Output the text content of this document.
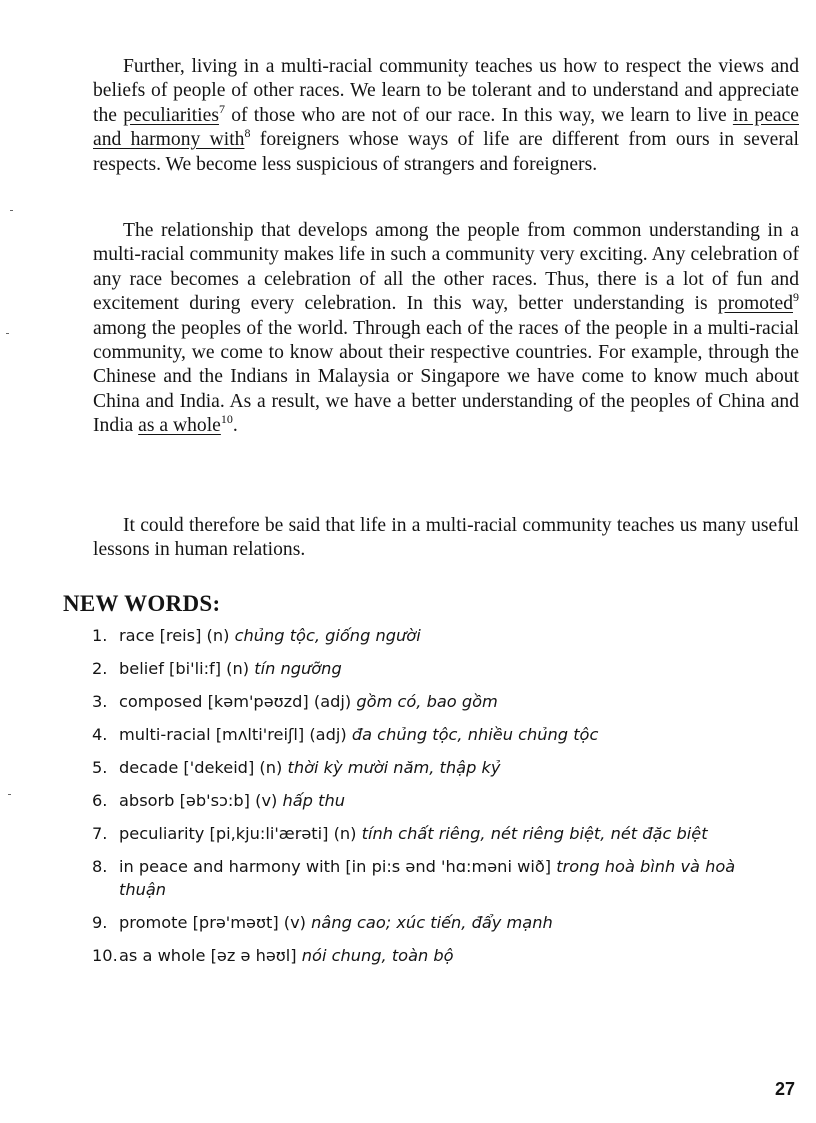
Further, living in a multi-racial community teaches us how to respect the views and beliefs of people of other races. We learn to be tolerant and to understand and appreciate the peculiarities$^7$ of those who are not of our race. In this way, we learn to live in peace and harmony with$^8$ foreigners whose ways of life are different from ours in several respects. We become less suspicious of strangers and foreigners.

The relationship that develops among the people from common understanding in a multi-racial community makes life in such a community very exciting. Any celebration of any race becomes a celebration of all the other races. Thus, there is a lot of fun and excitement during every celebration. In this way, better understanding is promoted$^9$ among the peoples of the world. Through each of the races of the people in a multi-racial community, we come to know about their respective countries. For example, through the Chinese and the Indians in Malaysia or Singapore we have come to know much about China and India. As a result, we have a better understanding of the peoples of China and India as a whole$^{10}$.

It could therefore be said that life in a multi-racial community teaches us many useful lessons in human relations.

NEW WORDS:
1. race [reis] (n) chủng tộc, giống người
2. belief [bi'li:f] (n) tín ngưỡng
3. composed [kəm'pəʊzd] (adj) gồm có, bao gồm
4. multi-racial [mʌlti'reiʃl] (adj) đa chủng tộc, nhiều chủng tộc
5. decade ['dekeid] (n) thời kỳ mười năm, thập kỷ
6. absorb [əb'sɔ:b] (v) hấp thu
7. peculiarity [pi,kju:li'ærəti] (n) tính chất riêng, nét riêng biệt, nét đặc biệt
8. in peace and harmony with [in pi:s ənd 'hɑ:məni wið] trong hoà bình và hoà thuận
9. promote [prə'məʊt] (v) nâng cao; xúc tiến, đẩy mạnh
10. as a whole [əz ə həʊl] nói chung, toàn bộ
27
